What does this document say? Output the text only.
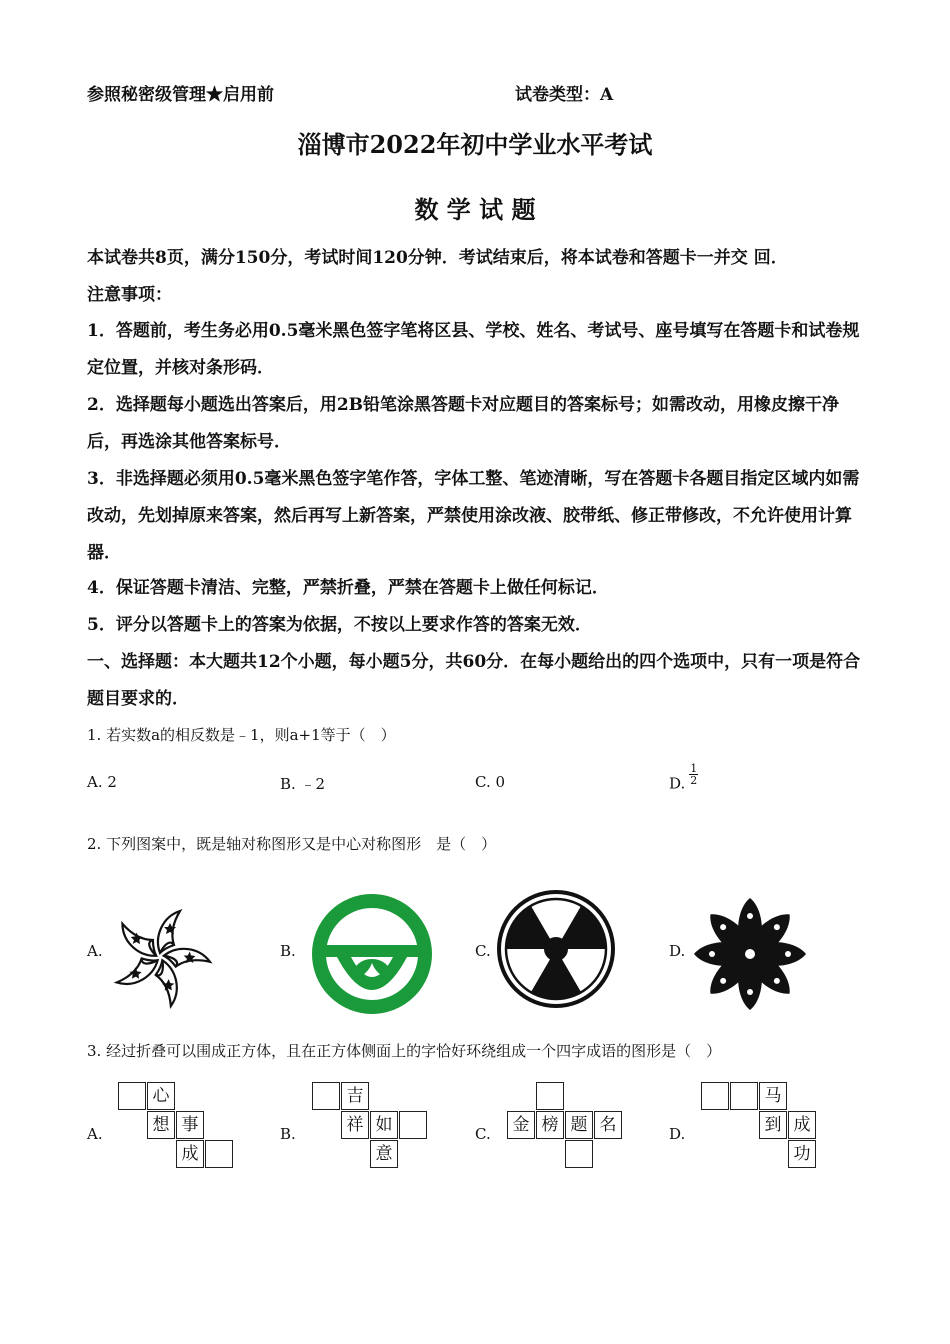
参照秘密级管理★启用前	试卷类型：A
淄博市2022年初中学业水平考试
数 学 试 题
本试卷共8页，满分150分，考试时间120分钟．考试结束后，将本试卷和答题卡一并交 回．
注意事项：
1．答题前，考生务必用0.5毫米黑色签字笔将区县、学校、姓名、考试号、座号填写在答题卡和试卷规定位置，并核对条形码．
2．选择题每小题选出答案后，用2B铅笔涂黑答题卡对应题目的答案标号；如需改动，用橡皮擦干净后，再选涂其他答案标号．
3．非选择题必须用0.5毫米黑色签字笔作答，字体工整、笔迹清晰，写在答题卡各题目指定区域内如需改动，先划掉原来答案，然后再写上新答案，严禁使用涂改液、胶带纸、修正带修改，不允许使用计算器．
4．保证答题卡清洁、完整，严禁折叠，严禁在答题卡上做任何标记．
5．评分以答题卡上的答案为依据，不按以上要求作答的答案无效．
一、选择题：本大题共12个小题，每小题5分，共60分．在每小题给出的四个选项中，只有一项是符合题目要求的．
1. 若实数a的相反数是﹣1，则a+1等于（　）
A. 2	B. ﹣2	C. 0	D. $\frac{1}{2}$
2. 下列图案中，既是轴对称图形又是中心对称图形　是（　）
A.	B.	C.	D.
3. 经过折叠可以围成正方体，且在正方体侧面上的字恰好环绕组成一个四字成语的图形是（　）
A.	B.	C.	D.
心
想 事
成
吉
祥 如
意
金 榜 题 名
马
到 成
功
